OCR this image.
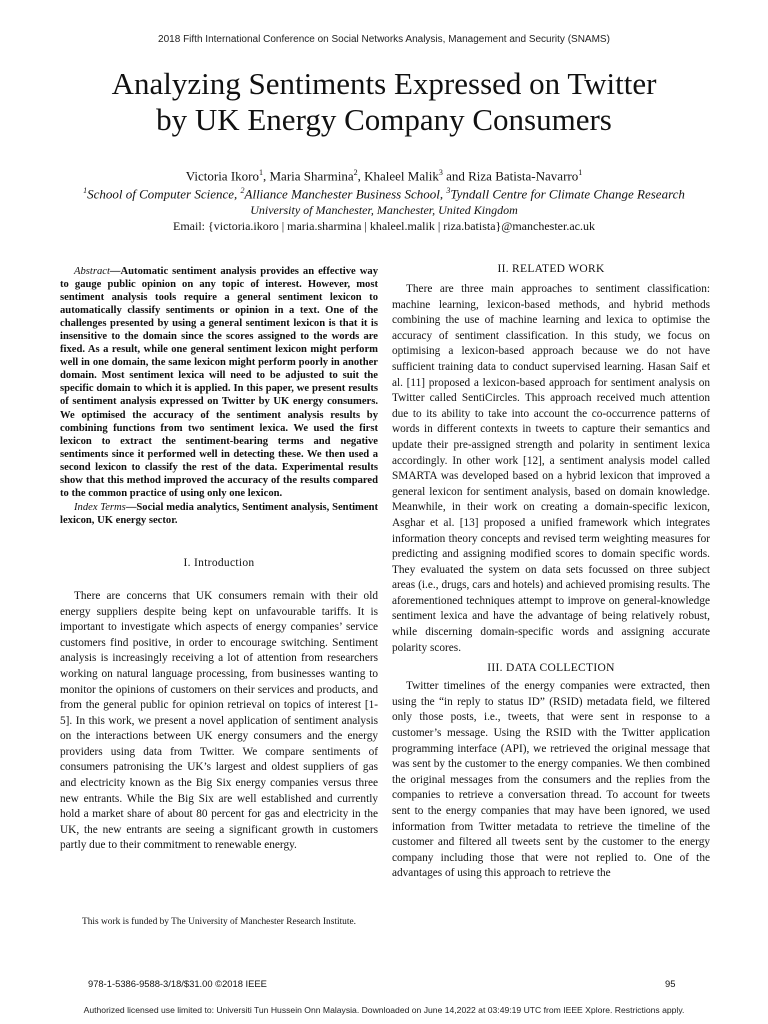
2018 Fifth International Conference on Social Networks Analysis, Management and Security (SNAMS)
Analyzing Sentiments Expressed on Twitter
by UK Energy Company Consumers
Victoria Ikoro$^1$, Maria Sharmina$^2$, Khaleel Malik$^3$ and Riza Batista-Navarro$^1$
$^1$School of Computer Science, $^2$Alliance Manchester Business School, $^3$Tyndall Centre for Climate Change Research
University of Manchester, Manchester, United Kingdom
Email: {victoria.ikoro | maria.sharmina | khaleel.malik | riza.batista}@manchester.ac.uk

Abstract—Automatic sentiment analysis provides an effective way to gauge public opinion on any topic of interest. However, most sentiment analysis tools require a general sentiment lexicon to automatically classify sentiments or opinion in a text. One of the challenges presented by using a general sentiment lexicon is that it is insensitive to the domain since the scores assigned to the words are fixed. As a result, while one general sentiment lexicon might perform well in one domain, the same lexicon might perform poorly in another domain. Most sentiment lexica will need to be adjusted to suit the specific domain to which it is applied. In this paper, we present results of sentiment analysis expressed on Twitter by UK energy consumers. We optimised the accuracy of the sentiment analysis results by combining functions from two sentiment lexica. We used the first lexicon to extract the sentiment-bearing terms and negative sentiments since it performed well in detecting these. We then used a second lexicon to classify the rest of the data. Experimental results show that this method improved the accuracy of the results compared to the common practice of using only one lexicon.

Index Terms—Social media analytics, Sentiment analysis, Sentiment lexicon, UK energy sector.

I. Introduction

There are concerns that UK consumers remain with their old energy suppliers despite being kept on unfavourable tariffs. It is important to investigate which aspects of energy companies’ service customers find positive, in order to encourage switching. Sentiment analysis is increasingly receiving a lot of attention from researchers working on natural language processing, from businesses wanting to monitor the opinions of customers on their services and products, and from the general public for opinion retrieval on topics of interest [1-5]. In this work, we present a novel application of sentiment analysis on the interactions between UK energy consumers and the energy providers using data from Twitter. We compare sentiments of consumers patronising the UK’s largest and oldest suppliers of gas and electricity known as the Big Six energy companies versus three new entrants. While the Big Six are well established and currently hold a market share of about 80 percent for gas and electricity in the UK, the new entrants are seeing a significant growth in customers partly due to their commitment to renewable energy.

This work is funded by The University of Manchester Research Institute.
II. RELATED WORK

There are three main approaches to sentiment classification: machine learning, lexicon-based methods, and hybrid methods combining the use of machine learning and lexica to optimise the accuracy of sentiment classification. In this study, we focus on optimising a lexicon-based approach because we do not have sufficient training data to conduct supervised learning. Hasan Saif et al. [11] proposed a lexicon-based approach for sentiment analysis on Twitter called SentiCircles. This approach received much attention due to its ability to take into account the co-occurrence patterns of words in different contexts in tweets to capture their semantics and update their pre-assigned strength and polarity in sentiment lexica accordingly. In other work [12], a sentiment analysis model called SMARTA was developed based on a hybrid lexicon that improved a general lexicon for sentiment analysis, based on domain knowledge. Meanwhile, in their work on creating a domain-specific lexicon, Asghar et al. [13] proposed a unified framework which integrates information theory concepts and revised term weighting measures for predicting and assigning modified scores to domain specific words. They evaluated the system on data sets focussed on three subject areas (i.e., drugs, cars and hotels) and achieved promising results. The aforementioned techniques attempt to improve on general-knowledge sentiment lexica and have the advantage of being relatively robust, while discerning domain-specific words and assigning accurate polarity scores.

III. DATA COLLECTION

Twitter timelines of the energy companies were extracted, then using the “in reply to status ID” (RSID) metadata field, we filtered only those posts, i.e., tweets, that were sent in response to a customer’s message. Using the RSID with the Twitter application programming interface (API), we retrieved the original message that was sent by the customer to the energy companies. We then combined the original messages from the consumers and the replies from the companies to retrieve a conversation thread. To account for tweets sent to the energy companies that may have been ignored, we used information from Twitter metadata to retrieve the timeline of the customer and filtered all tweets sent by the customer to the energy company including those that were not replied to. One of the advantages of using this approach to retrieve the

978-1-5386-9588-3/18/$31.00 ©2018 IEEE	95
Authorized licensed use limited to: Universiti Tun Hussein Onn Malaysia. Downloaded on June 14,2022 at 03:49:19 UTC from IEEE Xplore. Restrictions apply.
